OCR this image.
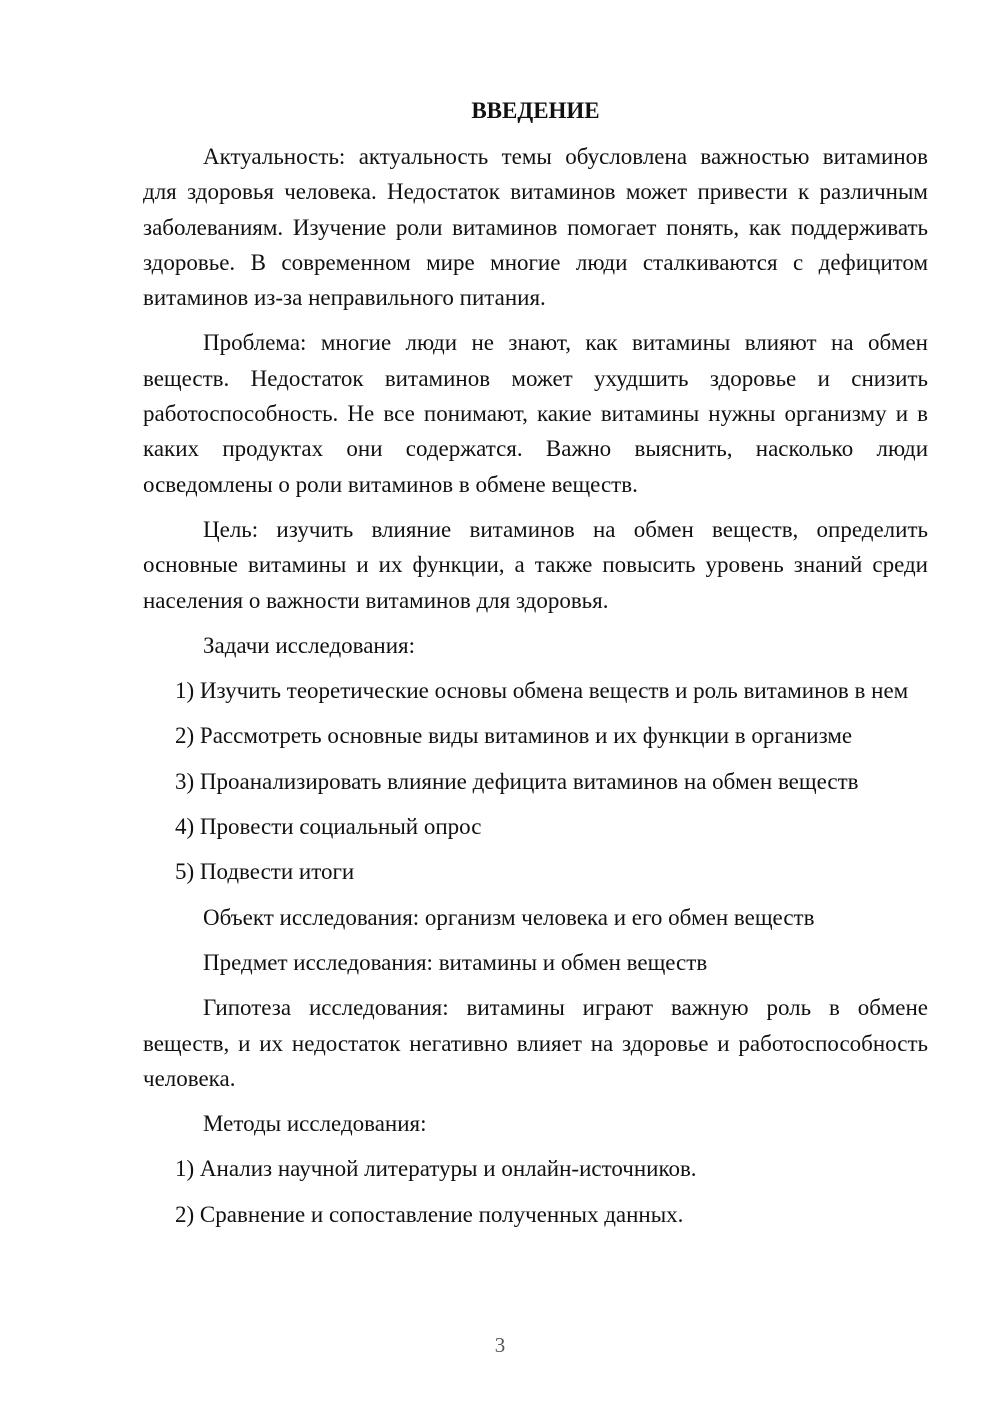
ВВЕДЕНИЕ

Актуальность: актуальность темы обусловлена важностью витаминов для здоровья человека. Недостаток витаминов может привести к различным заболеваниям. Изучение роли витаминов помогает понять, как поддерживать здоровье. В современном мире многие люди сталкиваются с дефицитом витаминов из-за неправильного питания.

Проблема: многие люди не знают, как витамины влияют на обмен веществ. Недостаток витаминов может ухудшить здоровье и снизить работоспособность. Не все понимают, какие витамины нужны организму и в каких продуктах они содержатся. Важно выяснить, насколько люди осведомлены о роли витаминов в обмене веществ.

Цель: изучить влияние витаминов на обмен веществ, определить основные витамины и их функции, а также повысить уровень знаний среди населения о важности витаминов для здоровья.

Задачи исследования:

1) Изучить теоретические основы обмена веществ и роль витаминов в нем

2) Рассмотреть основные виды витаминов и их функции в организме

3) Проанализировать влияние дефицита витаминов на обмен веществ

4) Провести социальный опрос

5) Подвести итоги

Объект исследования: организм человека и его обмен веществ

Предмет исследования: витамины и обмен веществ

Гипотеза исследования: витамины играют важную роль в обмене веществ, и их недостаток негативно влияет на здоровье и работоспособность человека.

Методы исследования:

1) Анализ научной литературы и онлайн-источников.

2) Сравнение и сопоставление полученных данных.

3
